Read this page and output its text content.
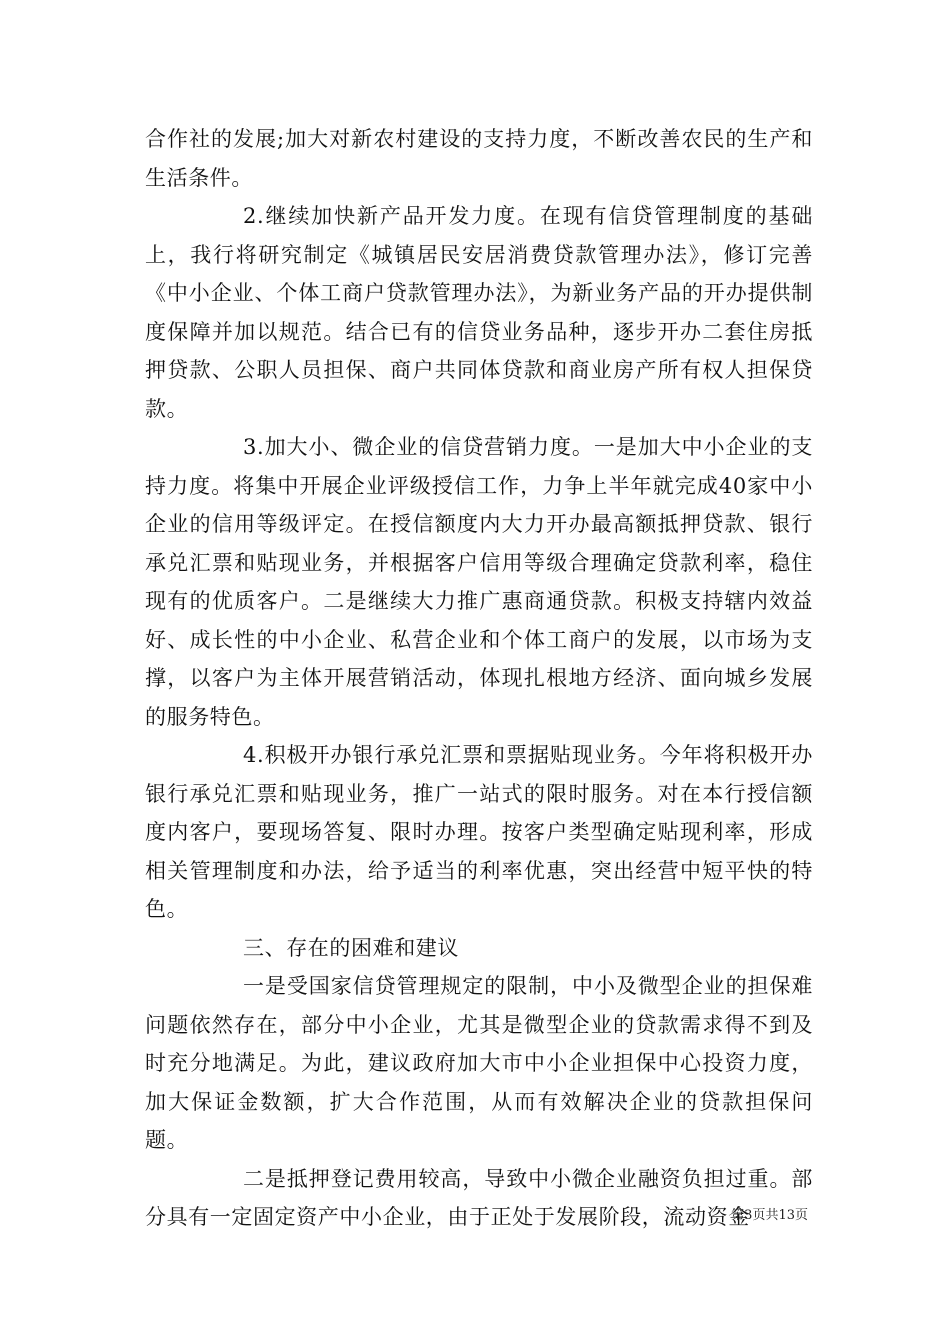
合作社的发展;加大对新农村建设的支持力度，不断改善农民的生产和生活条件。

2.继续加快新产品开发力度。在现有信贷管理制度的基础上，我行将研究制定《城镇居民安居消费贷款管理办法》，修订完善《中小企业、个体工商户贷款管理办法》，为新业务产品的开办提供制度保障并加以规范。结合已有的信贷业务品种，逐步开办二套住房抵押贷款、公职人员担保、商户共同体贷款和商业房产所有权人担保贷款。

3.加大小、微企业的信贷营销力度。一是加大中小企业的支持力度。将集中开展企业评级授信工作，力争上半年就完成40家中小企业的信用等级评定。在授信额度内大力开办最高额抵押贷款、银行承兑汇票和贴现业务，并根据客户信用等级合理确定贷款利率，稳住现有的优质客户。二是继续大力推广惠商通贷款。积极支持辖内效益好、成长性的中小企业、私营企业和个体工商户的发展，以市场为支撑，以客户为主体开展营销活动，体现扎根地方经济、面向城乡发展的服务特色。

4.积极开办银行承兑汇票和票据贴现业务。今年将积极开办银行承兑汇票和贴现业务，推广一站式的限时服务。对在本行授信额度内客户，要现场答复、限时办理。按客户类型确定贴现利率，形成相关管理制度和办法，给予适当的利率优惠，突出经营中短平快的特色。

三、存在的困难和建议

一是受国家信贷管理规定的限制，中小及微型企业的担保难问题依然存在，部分中小企业，尤其是微型企业的贷款需求得不到及时充分地满足。为此，建议政府加大市中小企业担保中心投资力度，加大保证金数额，扩大合作范围，从而有效解决企业的贷款担保问题。

二是抵押登记费用较高，导致中小微企业融资负担过重。部分具有一定固定资产中小企业，由于正处于发展阶段，流动资金

第3页共13页
